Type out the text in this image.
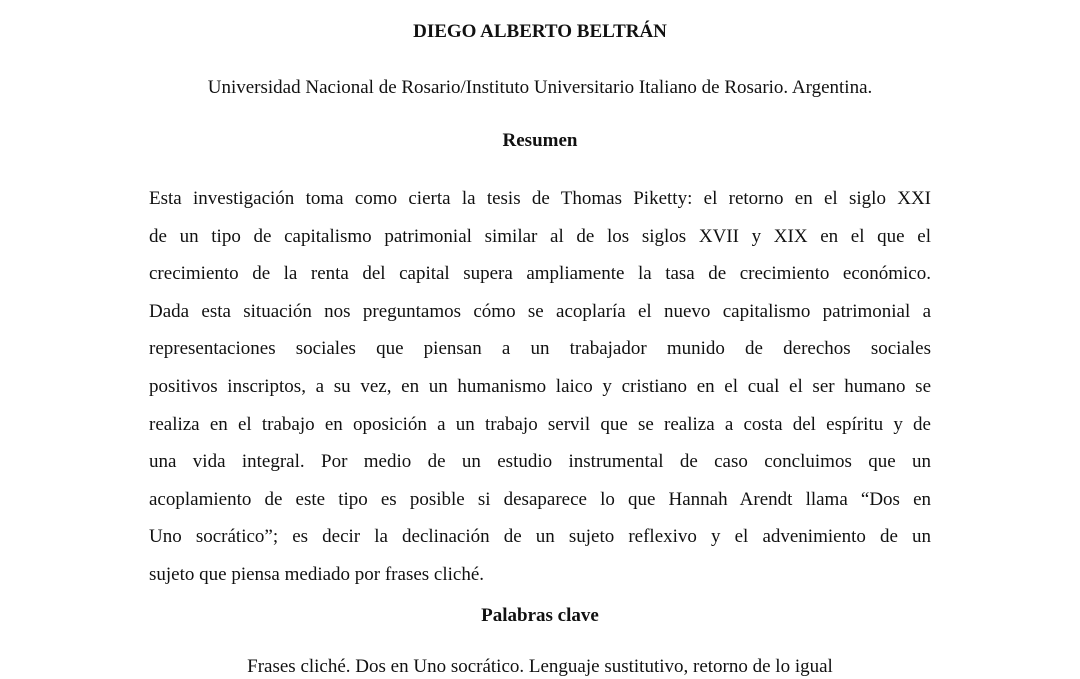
DIEGO ALBERTO BELTRÁN
Universidad Nacional de Rosario/Instituto Universitario Italiano de Rosario. Argentina.
Resumen
Esta investigación toma como cierta la tesis de Thomas Piketty: el retorno en el siglo XXI
de un tipo de capitalismo patrimonial similar al de los siglos XVII y XIX en el que el
crecimiento de la renta del capital supera ampliamente la tasa de crecimiento económico.
Dada esta situación nos preguntamos cómo se acoplaría el nuevo capitalismo patrimonial a
representaciones sociales que piensan a un trabajador munido de derechos sociales
positivos inscriptos, a su vez, en un humanismo laico y cristiano en el cual el ser humano se
realiza en el trabajo en oposición a un trabajo servil que se realiza a costa del espíritu y de
una vida integral. Por medio de un estudio instrumental de caso concluimos que un
acoplamiento de este tipo es posible si desaparece lo que Hannah Arendt llama “Dos en
Uno socrático”; es decir la declinación de un sujeto reflexivo y el advenimiento de un
sujeto que piensa mediado por frases cliché.
Palabras clave
Frases cliché. Dos en Uno socrático. Lenguaje sustitutivo, retorno de lo igual
